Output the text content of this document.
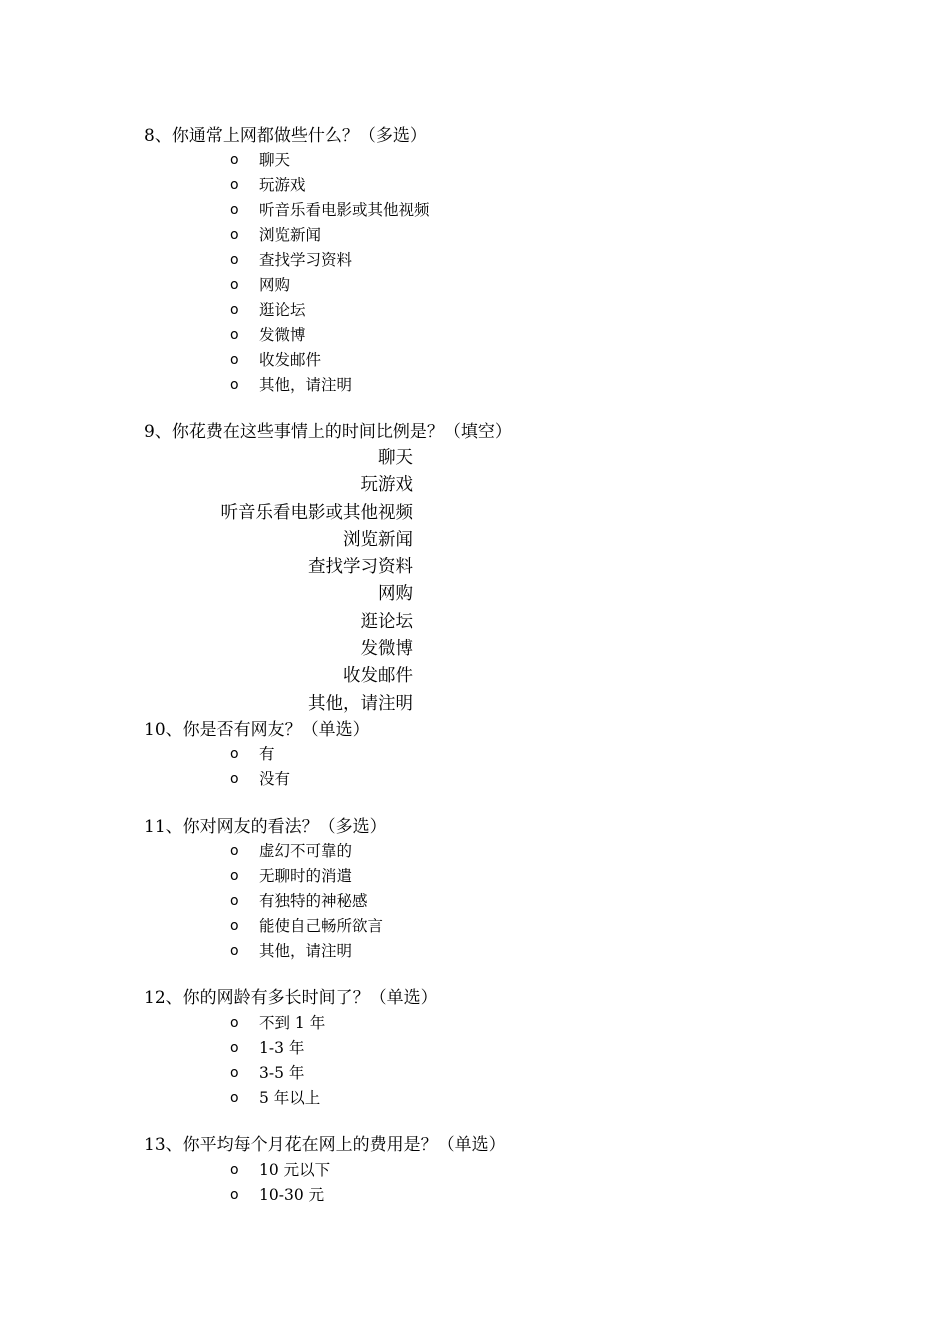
8、你通常上网都做些什么？（多选）
o 聊天
o 玩游戏
o 听音乐看电影或其他视频
o 浏览新闻
o 查找学习资料
o 网购
o 逛论坛
o 发微博
o 收发邮件
o 其他，请注明
9、你花费在这些事情上的时间比例是？（填空）
聊天
玩游戏
听音乐看电影或其他视频
浏览新闻
查找学习资料
网购
逛论坛
发微博
收发邮件
其他，请注明
10、你是否有网友？（单选）
o 有
o 没有
11、你对网友的看法？（多选）
o 虚幻不可靠的
o 无聊时的消遣
o 有独特的神秘感
o 能使自己畅所欲言
o 其他，请注明
12、你的网龄有多长时间了？（单选）
o 不到 1 年
o 1-3 年
o 3-5 年
o 5 年以上
13、你平均每个月花在网上的费用是？（单选）
o 10 元以下
o 10-30 元
